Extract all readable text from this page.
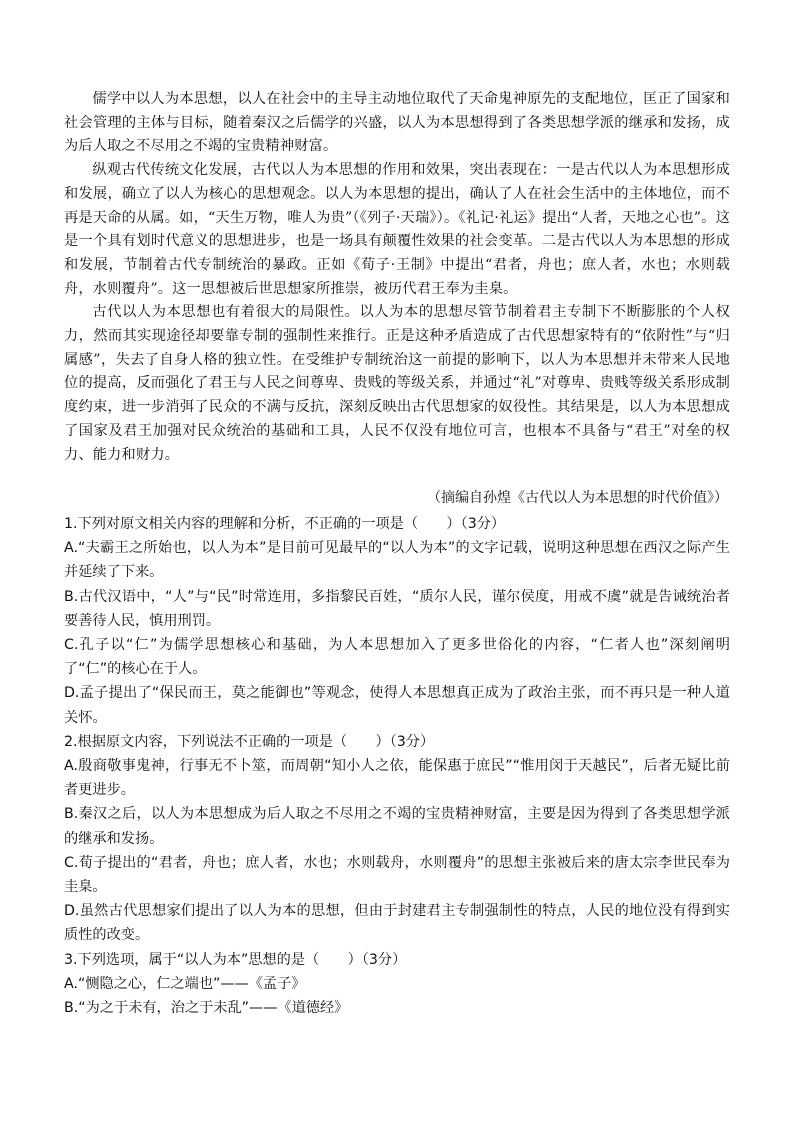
儒学中以人为本思想，以人在社会中的主导主动地位取代了天命鬼神原先的支配地位，匡正了国家和社会管理的主体与目标，随着秦汉之后儒学的兴盛，以人为本思想得到了各类思想学派的继承和发扬，成为后人取之不尽用之不竭的宝贵精神财富。

纵观古代传统文化发展，古代以人为本思想的作用和效果，突出表现在：一是古代以人为本思想形成和发展，确立了以人为核心的思想观念。以人为本思想的提出，确认了人在社会生活中的主体地位，而不再是天命的从属。如，“天生万物，唯人为贵”（《列子·天瑞》）。《礼记·礼运》提出“人者，天地之心也”。这是一个具有划时代意义的思想进步，也是一场具有颠覆性效果的社会变革。二是古代以人为本思想的形成和发展，节制着古代专制统治的暴政。正如《荀子·王制》中提出“君者，舟也；庶人者，水也；水则载舟，水则覆舟”。这一思想被后世思想家所推崇，被历代君王奉为圭臬。

古代以人为本思想也有着很大的局限性。以人为本的思想尽管节制着君主专制下不断膨胀的个人权力，然而其实现途径却要靠专制的强制性来推行。正是这种矛盾造成了古代思想家特有的“依附性”与“归属感”，失去了自身人格的独立性。在受维护专制统治这一前提的影响下，以人为本思想并未带来人民地位的提高，反而强化了君王与人民之间尊卑、贵贱的等级关系，并通过“礼”对尊卑、贵贱等级关系形成制度约束，进一步消弭了民众的不满与反抗，深刻反映出古代思想家的奴役性。其结果是，以人为本思想成了国家及君王加强对民众统治的基础和工具，人民不仅没有地位可言，也根本不具备与“君王”对垒的权力、能力和财力。

（摘编自孙煌《古代以人为本思想的时代价值》）

1.下列对原文相关内容的理解和分析，不正确的一项是（　　）（3分）

A.“夫霸王之所始也，以人为本”是目前可见最早的“以人为本”的文字记载，说明这种思想在西汉之际产生并延续了下来。

B.古代汉语中，“人”与“民”时常连用，多指黎民百姓，“质尔人民，谨尔侯度，用戒不虞”就是告诫统治者要善待人民，慎用刑罚。

C.孔子以“仁”为儒学思想核心和基础，为人本思想加入了更多世俗化的内容，“仁者人也”深刻阐明了“仁”的核心在于人。

D.孟子提出了“保民而王，莫之能御也”等观念，使得人本思想真正成为了政治主张，而不再只是一种人道关怀。

2.根据原文内容，下列说法不正确的一项是（　　）（3分）

A.殷商敬事鬼神，行事无不卜筮，而周朝“知小人之依，能保惠于庶民”“惟用闵于天越民”，后者无疑比前者更进步。

B.秦汉之后，以人为本思想成为后人取之不尽用之不竭的宝贵精神财富，主要是因为得到了各类思想学派的继承和发扬。

C.荀子提出的“君者，舟也；庶人者，水也；水则载舟，水则覆舟”的思想主张被后来的唐太宗李世民奉为圭臬。

D.虽然古代思想家们提出了以人为本的思想，但由于封建君主专制强制性的特点，人民的地位没有得到实质性的改变。

3.下列选项，属于“以人为本”思想的是（　　）（3分）

A.“恻隐之心，仁之端也”——《孟子》

B.“为之于未有，治之于未乱”——《道德经》
